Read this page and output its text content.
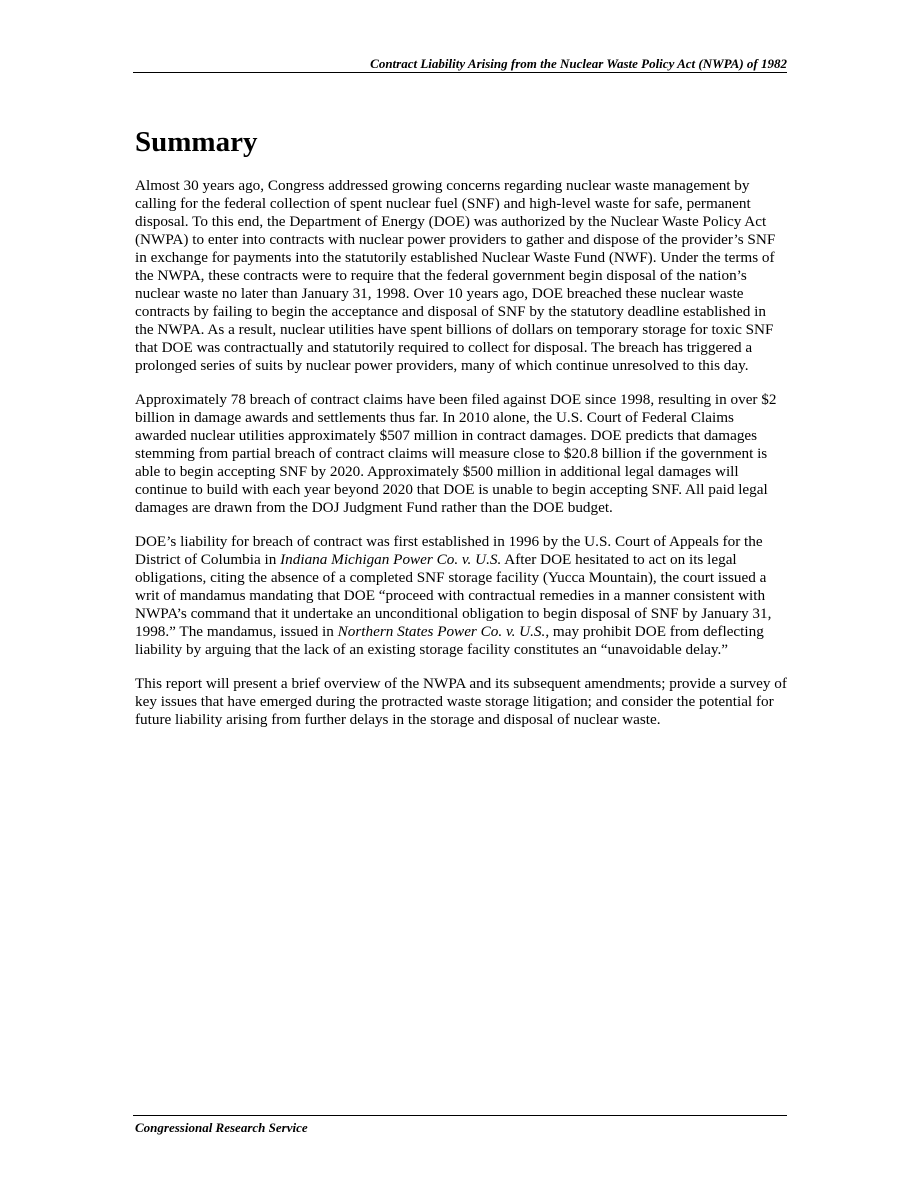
Contract Liability Arising from the Nuclear Waste Policy Act (NWPA) of 1982
Summary

Almost 30 years ago, Congress addressed growing concerns regarding nuclear waste management by calling for the federal collection of spent nuclear fuel (SNF) and high-level waste for safe, permanent disposal. To this end, the Department of Energy (DOE) was authorized by the Nuclear Waste Policy Act (NWPA) to enter into contracts with nuclear power providers to gather and dispose of the provider’s SNF in exchange for payments into the statutorily established Nuclear Waste Fund (NWF). Under the terms of the NWPA, these contracts were to require that the federal government begin disposal of the nation’s nuclear waste no later than January 31, 1998. Over 10 years ago, DOE breached these nuclear waste contracts by failing to begin the acceptance and disposal of SNF by the statutory deadline established in the NWPA. As a result, nuclear utilities have spent billions of dollars on temporary storage for toxic SNF that DOE was contractually and statutorily required to collect for disposal. The breach has triggered a prolonged series of suits by nuclear power providers, many of which continue unresolved to this day.

Approximately 78 breach of contract claims have been filed against DOE since 1998, resulting in over $2 billion in damage awards and settlements thus far. In 2010 alone, the U.S. Court of Federal Claims awarded nuclear utilities approximately $507 million in contract damages. DOE predicts that damages stemming from partial breach of contract claims will measure close to $20.8 billion if the government is able to begin accepting SNF by 2020. Approximately $500 million in additional legal damages will continue to build with each year beyond 2020 that DOE is unable to begin accepting SNF. All paid legal damages are drawn from the DOJ Judgment Fund rather than the DOE budget.

DOE’s liability for breach of contract was first established in 1996 by the U.S. Court of Appeals for the District of Columbia in Indiana Michigan Power Co. v. U.S. After DOE hesitated to act on its legal obligations, citing the absence of a completed SNF storage facility (Yucca Mountain), the court issued a writ of mandamus mandating that DOE “proceed with contractual remedies in a manner consistent with NWPA’s command that it undertake an unconditional obligation to begin disposal of SNF by January 31, 1998.” The mandamus, issued in Northern States Power Co. v. U.S., may prohibit DOE from deflecting liability by arguing that the lack of an existing storage facility constitutes an “unavoidable delay.”

This report will present a brief overview of the NWPA and its subsequent amendments; provide a survey of key issues that have emerged during the protracted waste storage litigation; and consider the potential for future liability arising from further delays in the storage and disposal of nuclear waste.

Congressional Research Service
